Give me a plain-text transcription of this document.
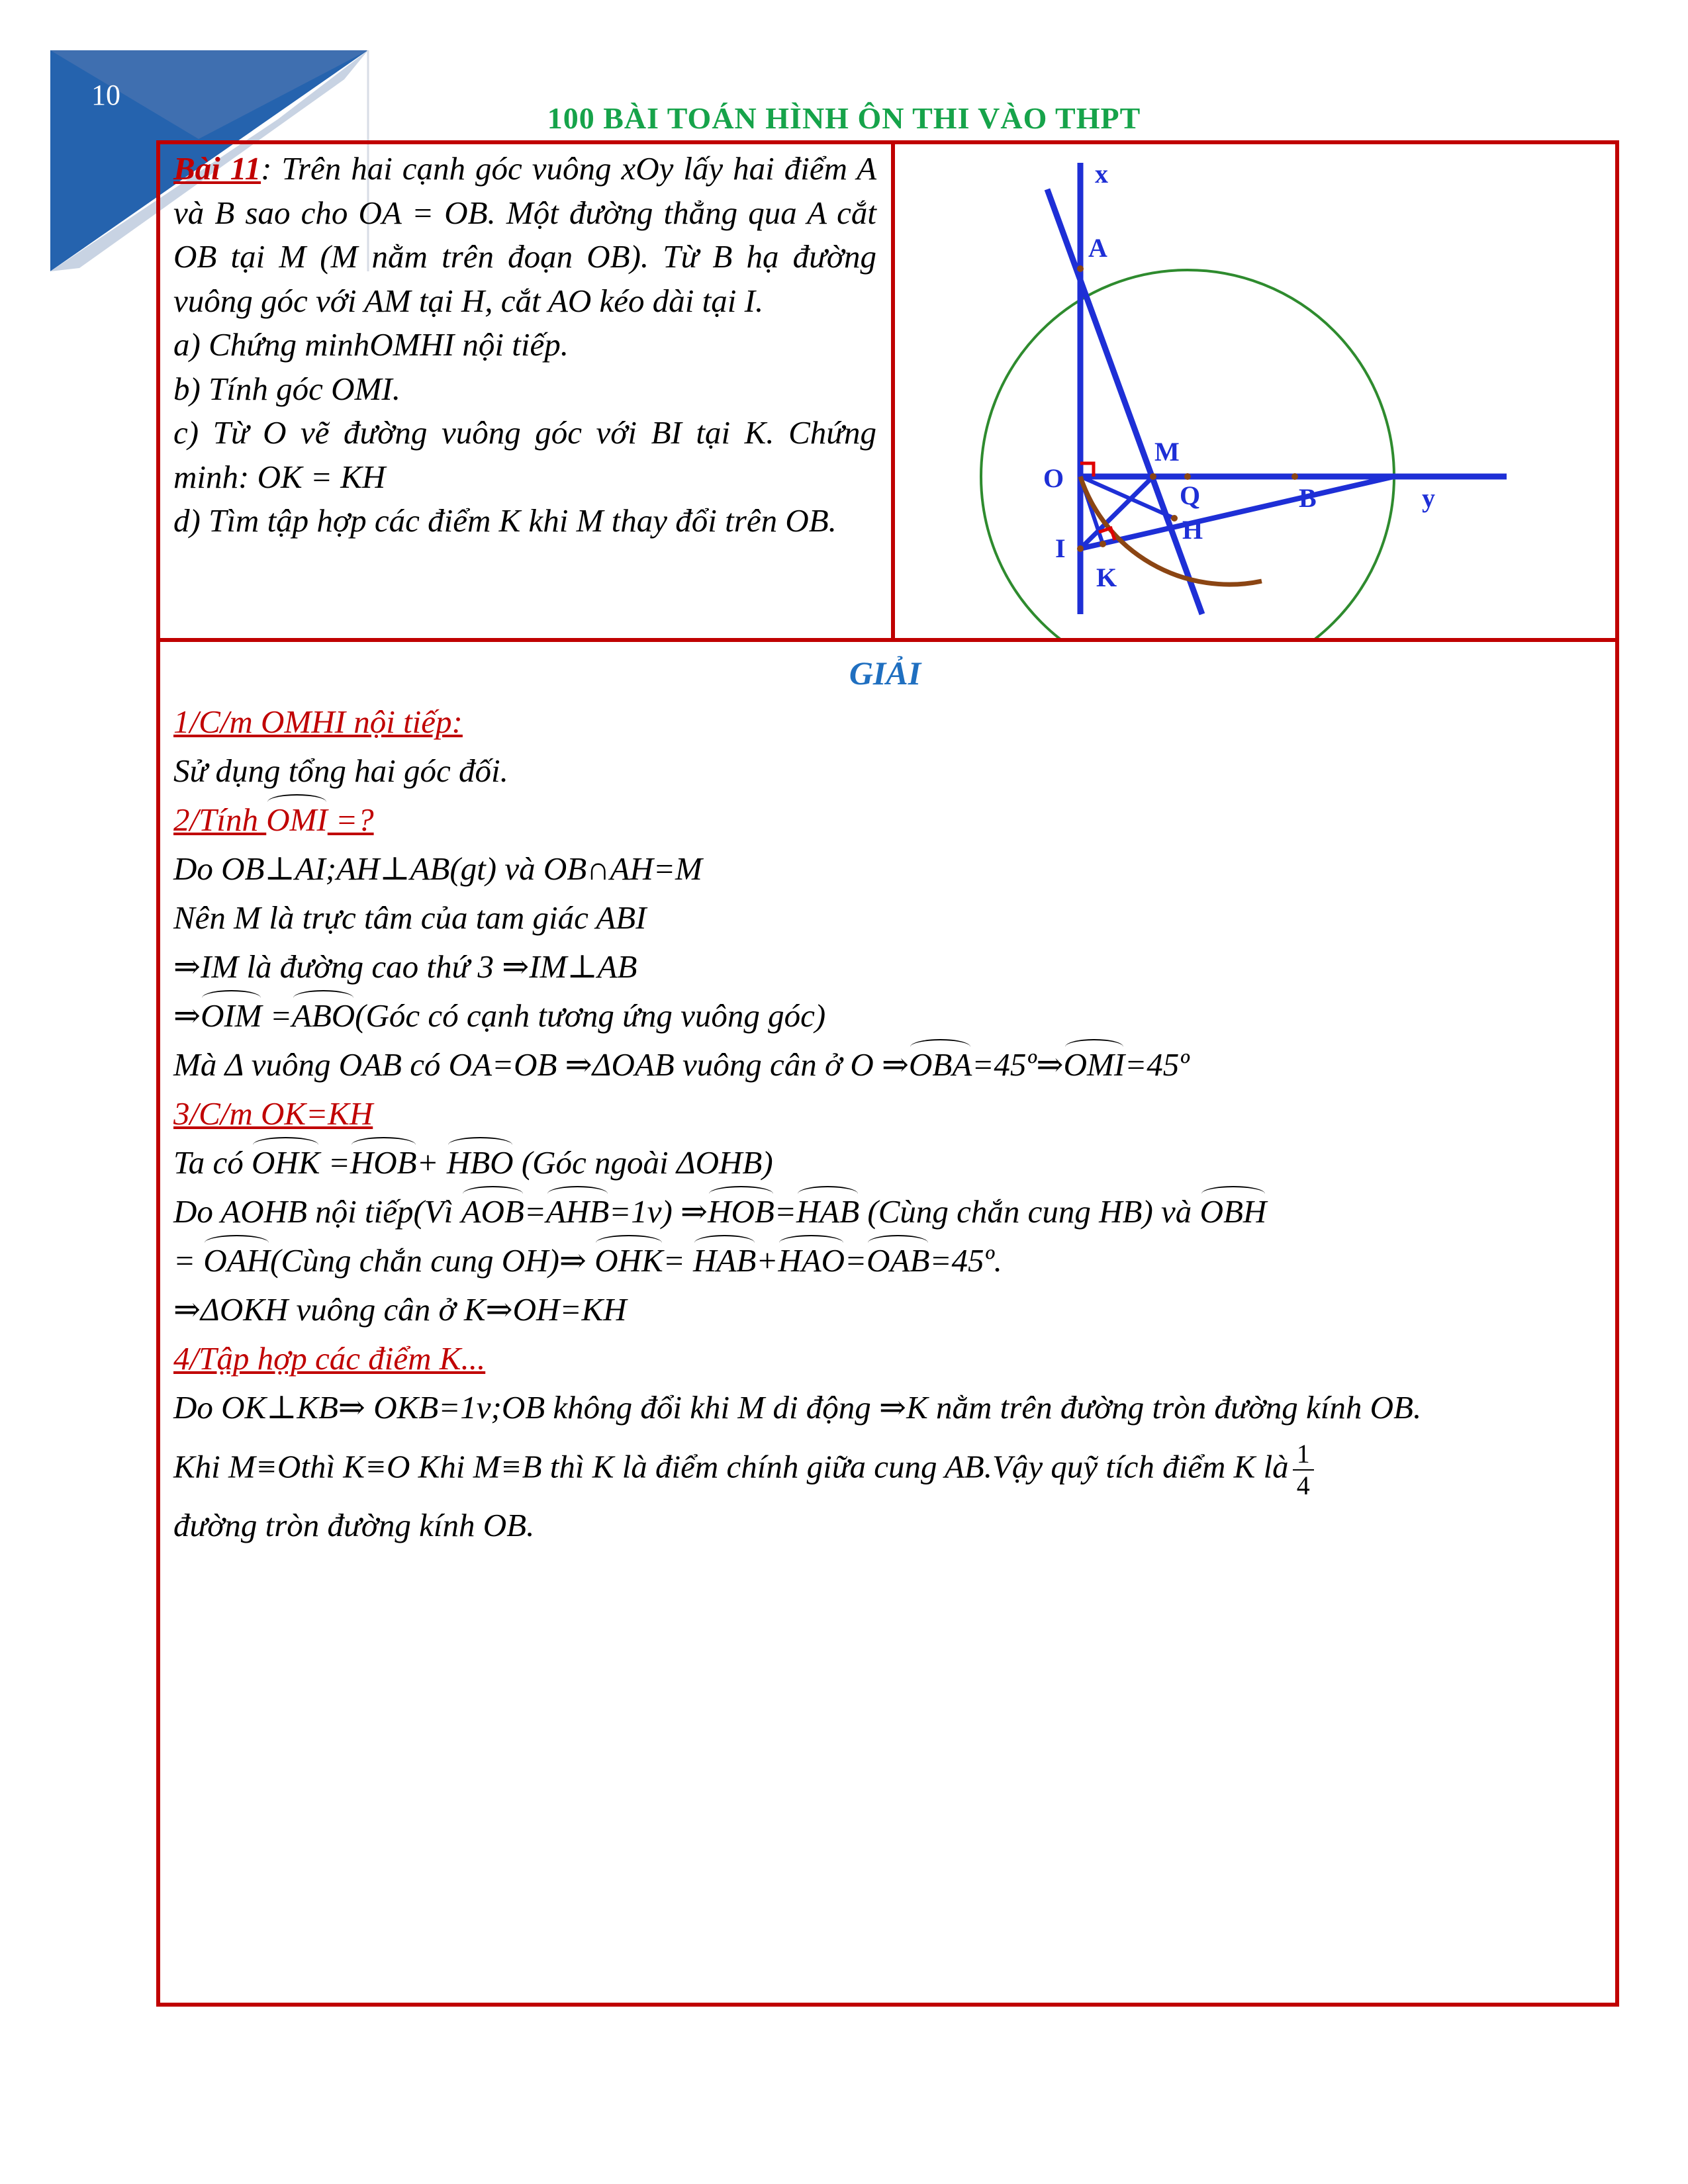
10
100 BÀI TOÁN HÌNH ÔN THI VÀO THPT

Bài 11: Trên hai cạnh góc vuông xOy lấy hai điểm A và B sao cho OA = OB. Một đường thẳng qua A cắt OB tại M (M nằm trên đoạn OB). Từ B hạ đường vuông góc với AM tại H, cắt AO kéo dài tại I.

a) Chứng minhOMHI nội tiếp.

b) Tính góc OMI.

c) Từ O vẽ đường vuông góc với BI tại K. Chứng minh: OK = KH

d) Tìm tập hợp các điểm K khi M thay đổi trên OB.

x
A
O
M
Q	B	y
H
I
K

GIẢI

1/C/m OMHI nội tiếp:

Sử dụng tổng hai góc đối.

2/Tính OMI =?

Do OB⊥AI;AH⊥AB(gt) và OB∩AH=M

Nên M là trực tâm của tam giác ABI

⇒IM là đường cao thứ 3 ⇒IM⊥AB

⇒OIM =ABO(Góc có cạnh tương ứng vuông góc)

Mà Δ vuông OAB có OA=OB ⇒ΔOAB vuông cân ở O ⇒OBA=45º⇒OMI=45º

3/C/m OK=KH

Ta có OHK =HOB+ HBO (Góc ngoài ΔOHB)

Do AOHB nội tiếp(Vì AOB=AHB=1v) ⇒HOB=HAB (Cùng chắn cung HB) và OBH

= OAH(Cùng chắn cung OH)⇒ OHK= HAB+HAO=OAB=45º.

⇒ΔOKH vuông cân ở K⇒OH=KH

4/Tập hợp các điểm K...

Do OK⊥KB⇒ OKB=1v;OB không đổi khi M di động ⇒K nằm trên đường tròn đường kính OB.

Khi M≡Othì K≡O Khi M≡B thì K là điểm chính giữa cung AB.Vậy quỹ tích điểm K là $\frac{1}{4}$

đường tròn đường kính OB.
